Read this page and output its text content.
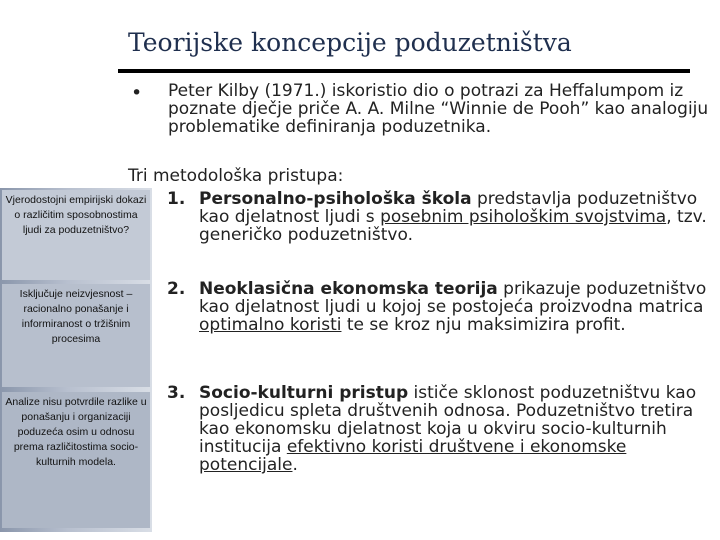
Teorijske koncepcije poduzetništva
• Peter Kilby (1971.) iskoristio dio o potrazi za Heffalumpom iz poznate dječje priče A. A. Milne “Winnie de Pooh” kao analogiju problematike definiranja poduzetnika.
Tri metodološka pristupa:
1. Personalno-psihološka škola predstavlja poduzetništvo kao djelatnost ljudi s posebnim psihološkim svojstvima, tzv. generičko poduzetništvo.
2. Neoklasična ekonomska teorija prikazuje poduzetništvo kao djelatnost ljudi u kojoj se postojeća proizvodna matrica optimalno koristi te se kroz nju maksimizira profit.
3. Socio-kulturni pristup ističe sklonost poduzetništvu kao posljedicu spleta društvenih odnosa. Poduzetništvo tretira kao ekonomsku djelatnost koja u okviru socio-kulturnih institucija efektivno koristi društvene i ekonomske potencijale.
Vjerodostojni empirijski dokazi o različitim sposobnostima ljudi za poduzetništvo?
Isključuje neizvjesnost – racionalno ponašanje i informiranost o tržišnim procesima
Analize nisu potvrdile razlike u ponašanju i organizaciji poduzeća osim u odnosu prema različitostima socio-kulturnih modela.
